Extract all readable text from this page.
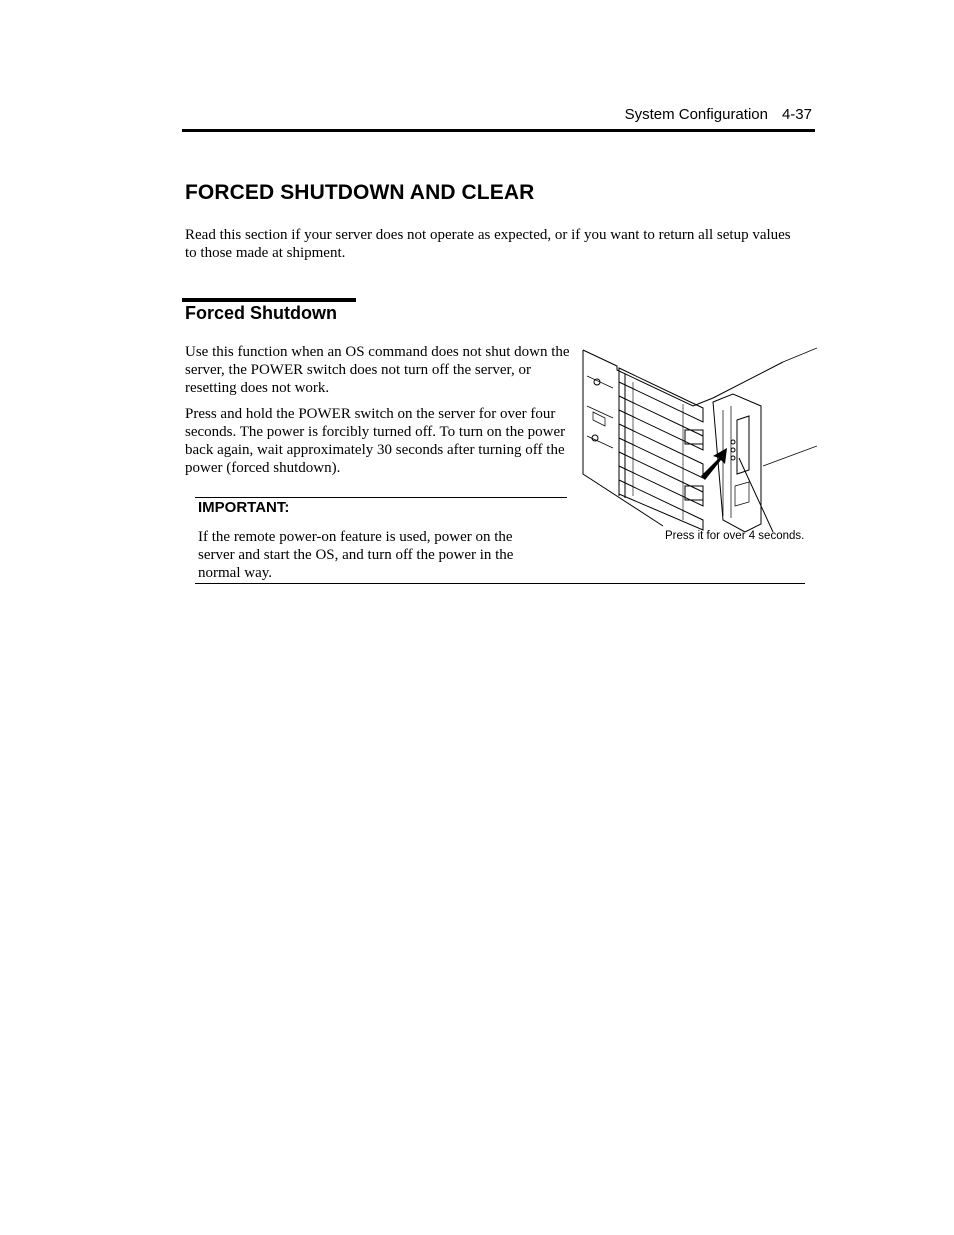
System Configuration 4-37
FORCED SHUTDOWN AND CLEAR

Read this section if your server does not operate as expected, or if you want to return all setup values to those made at shipment.

Forced Shutdown

Use this function when an OS command does not shut down the server, the POWER switch does not turn off the server, or resetting does not work.

Press and hold the POWER switch on the server for over four seconds. The power is forcibly turned off. To turn on the power back again, wait approximately 30 seconds after turning off the power (forced shutdown).

IMPORTANT:

If the remote power-on feature is used, power on the server and start the OS, and turn off the power in the normal way.

Press it for over 4 seconds.
